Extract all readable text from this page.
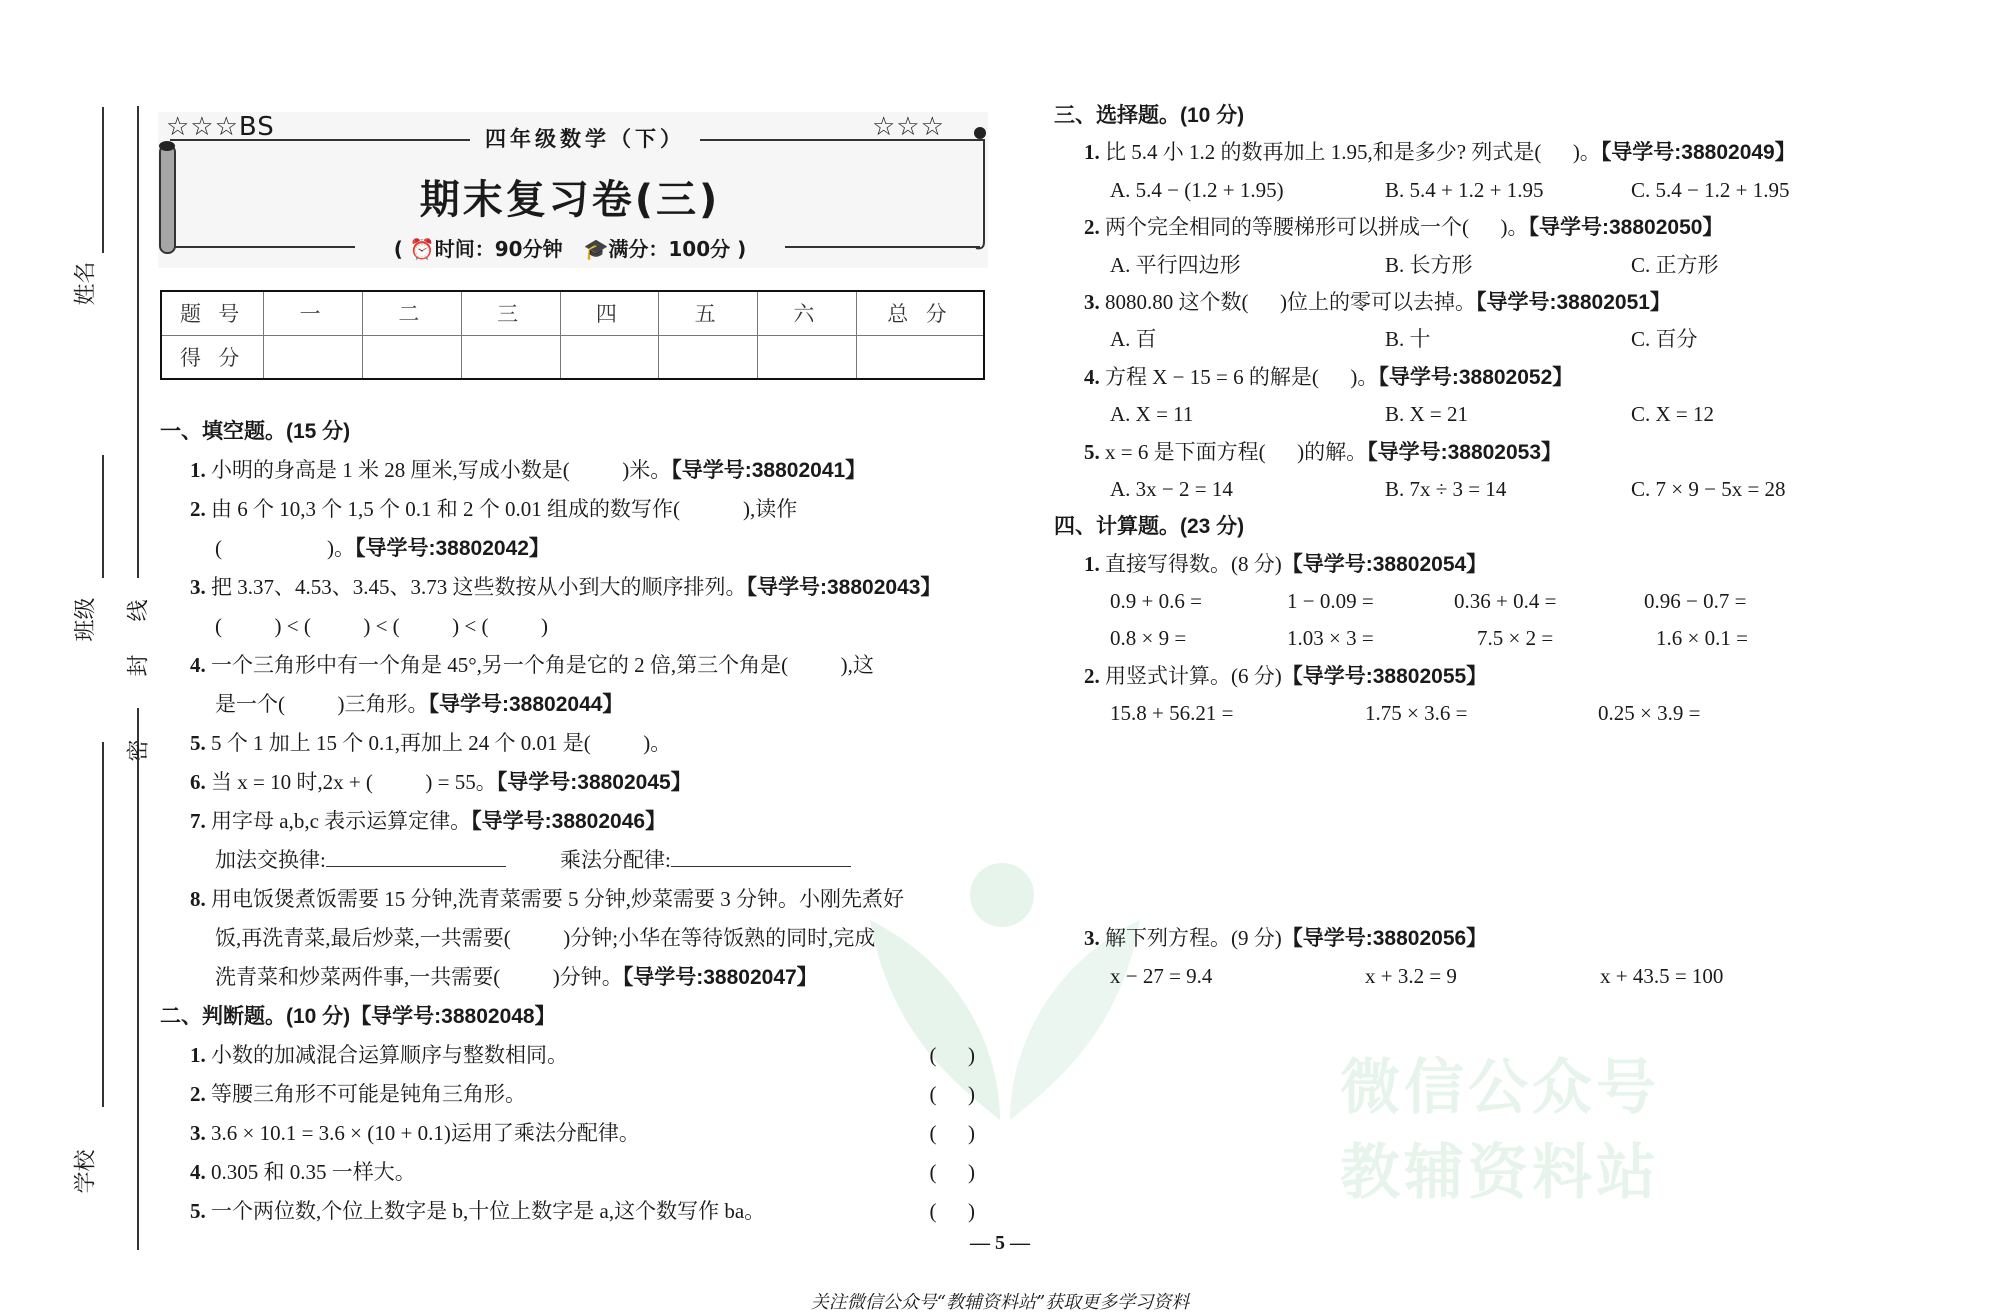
微信公众号
教辅资料站
姓名
班级
学校
线
封
密
☆☆☆BS	☆☆☆
四年级数学（下）
期末复习卷(三)
( ⏰时间：90分钟 🎓满分：100分 )
题 号	一	二	三	四	五	六	总 分
得 分							
一、填空题。(15 分)
1. 小明的身高是 1 米 28 厘米,写成小数是(          )米。【导学号:38802041】
2. 由 6 个 10,3 个 1,5 个 0.1 和 2 个 0.01 组成的数写作(            ),读作
(                    )。【导学号:38802042】
3. 把 3.37、4.53、3.45、3.73 这些数按从小到大的顺序排列。【导学号:38802043】
(          ) < (          ) < (          ) < (          )
4. 一个三角形中有一个角是 45°,另一个角是它的 2 倍,第三个角是(          ),这
是一个(          )三角形。【导学号:38802044】
5. 5 个 1 加上 15 个 0.1,再加上 24 个 0.01 是(          )。
6. 当 x = 10 时,2x + (          ) = 55。【导学号:38802045】
7. 用字母 a,b,c 表示运算定律。【导学号:38802046】
加法交换律:	乘法分配律:
8. 用电饭煲煮饭需要 15 分钟,洗青菜需要 5 分钟,炒菜需要 3 分钟。小刚先煮好
饭,再洗青菜,最后炒菜,一共需要(          )分钟;小华在等待饭熟的同时,完成
洗青菜和炒菜两件事,一共需要(          )分钟。【导学号:38802047】
二、判断题。(10 分)【导学号:38802048】
1. 小数的加减混合运算顺序与整数相同。	(      )
2. 等腰三角形不可能是钝角三角形。	(      )
3. 3.6 × 10.1 = 3.6 × (10 + 0.1)运用了乘法分配律。	(      )
4. 0.305 和 0.35 一样大。	(      )
5. 一个两位数,个位上数字是 b,十位上数字是 a,这个数写作 ba。	(      )
三、选择题。(10 分)
1. 比 5.4 小 1.2 的数再加上 1.95,和是多少? 列式是(      )。【导学号:38802049】
A. 5.4 − (1.2 + 1.95)	B. 5.4 + 1.2 + 1.95	C. 5.4 − 1.2 + 1.95
2. 两个完全相同的等腰梯形可以拼成一个(      )。【导学号:38802050】
A. 平行四边形	B. 长方形	C. 正方形
3. 8080.80 这个数(      )位上的零可以去掉。【导学号:38802051】
A. 百	B. 十	C. 百分
4. 方程 X − 15 = 6 的解是(      )。【导学号:38802052】
A. X = 11	B. X = 21	C. X = 12
5. x = 6 是下面方程(      )的解。【导学号:38802053】
A. 3x − 2 = 14	B. 7x ÷ 3 = 14	C. 7 × 9 − 5x = 28
四、计算题。(23 分)
1. 直接写得数。(8 分)【导学号:38802054】
0.9 + 0.6 =	1 − 0.09 =	0.36 + 0.4 =	0.96 − 0.7 =
0.8 × 9 =	1.03 × 3 =	7.5 × 2 =	1.6 × 0.1 =
2. 用竖式计算。(6 分)【导学号:38802055】
15.8 + 56.21 =	1.75 × 3.6 =	0.25 × 3.9 =
3. 解下列方程。(9 分)【导学号:38802056】
x − 27 = 9.4	x + 3.2 = 9	x + 43.5 = 100
— 5 —
关注微信公众号“教辅资料站”获取更多学习资料
